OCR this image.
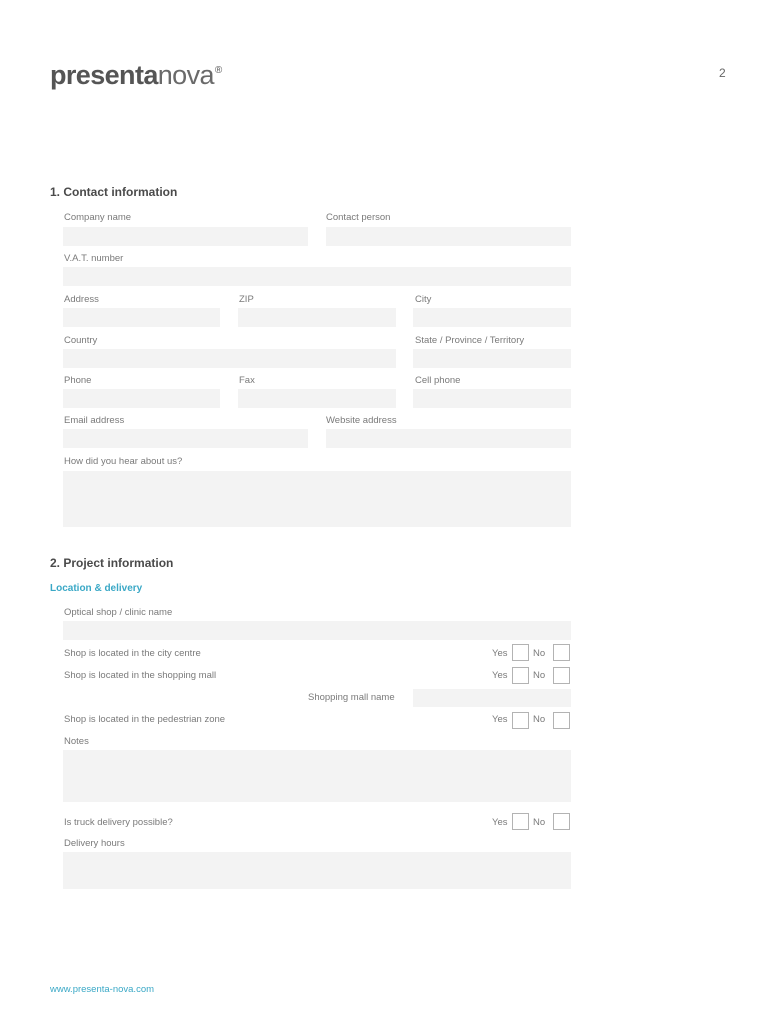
presentanova®	2
1. Contact information
Company name	Contact person
V.A.T. number
Address	ZIP	City
Country	State / Province / Territory
Phone	Fax	Cell phone
Email address	Website address
How did you hear about us?
2. Project information
Location & delivery
Optical shop / clinic name
Shop is located in the city centre	Yes	No
Shop is located in the shopping mall	Yes	No
Shopping mall name
Shop is located in the pedestrian zone	Yes	No
Notes
Is truck delivery possible?	Yes	No
Delivery hours
www.presenta-nova.com
